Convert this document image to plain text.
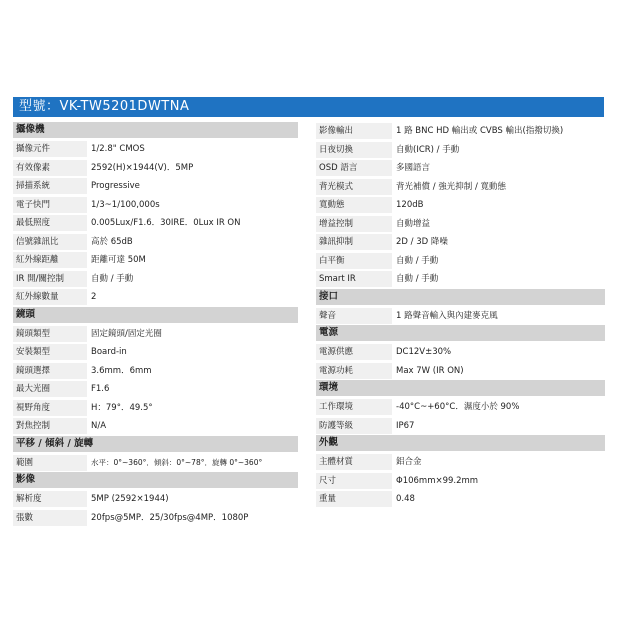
型號：VK-TW5201DWTNA
攝像機
攝像元件	1/2.8" CMOS
有效像素	2592(H)×1944(V)．5MP
掃描系統	Progressive
電子快門	1/3~1/100,000s
最低照度	0.005Lux/F1.6．30IRE．0Lux IR ON
信號雜訊比	高於 65dB
紅外線距離	距離可達 50M
IR 開/關控制	自動 / 手動
紅外線數量	2
鏡頭
鏡頭類型	固定鏡頭/固定光圈
安裝類型	Board-in
鏡頭選擇	3.6mm．6mm
最大光圈	F1.6
視野角度	H：79°．49.5°
對焦控制	N/A
平移 / 傾斜 / 旋轉
範圍	水平：0°~360°．傾斜：0°~78°．旋轉 0°~360°
影像
解析度	5MP (2592×1944)
張數	20fps@5MP．25/30fps@4MP．1080P
影像輸出	1 路 BNC HD 輸出或 CVBS 輸出(指撥切換)
日夜切換	自動(ICR) / 手動
OSD 語言	多國語言
背光模式	背光補償 / 強光抑制 / 寬動態
寬動態	120dB
增益控制	自動增益
雜訊抑制	2D / 3D 降噪
白平衡	自動 / 手動
Smart IR	自動 / 手動
接口
聲音	1 路聲音輸入與內建麥克風
電源
電源供應	DC12V±30%
電源功耗	Max 7W (IR ON)
環境
工作環境	-40°C~+60°C．濕度小於 90%
防護等級	IP67
外觀
主體材質	鋁合金
尺寸	Φ106mm×99.2mm
重量	0.48
